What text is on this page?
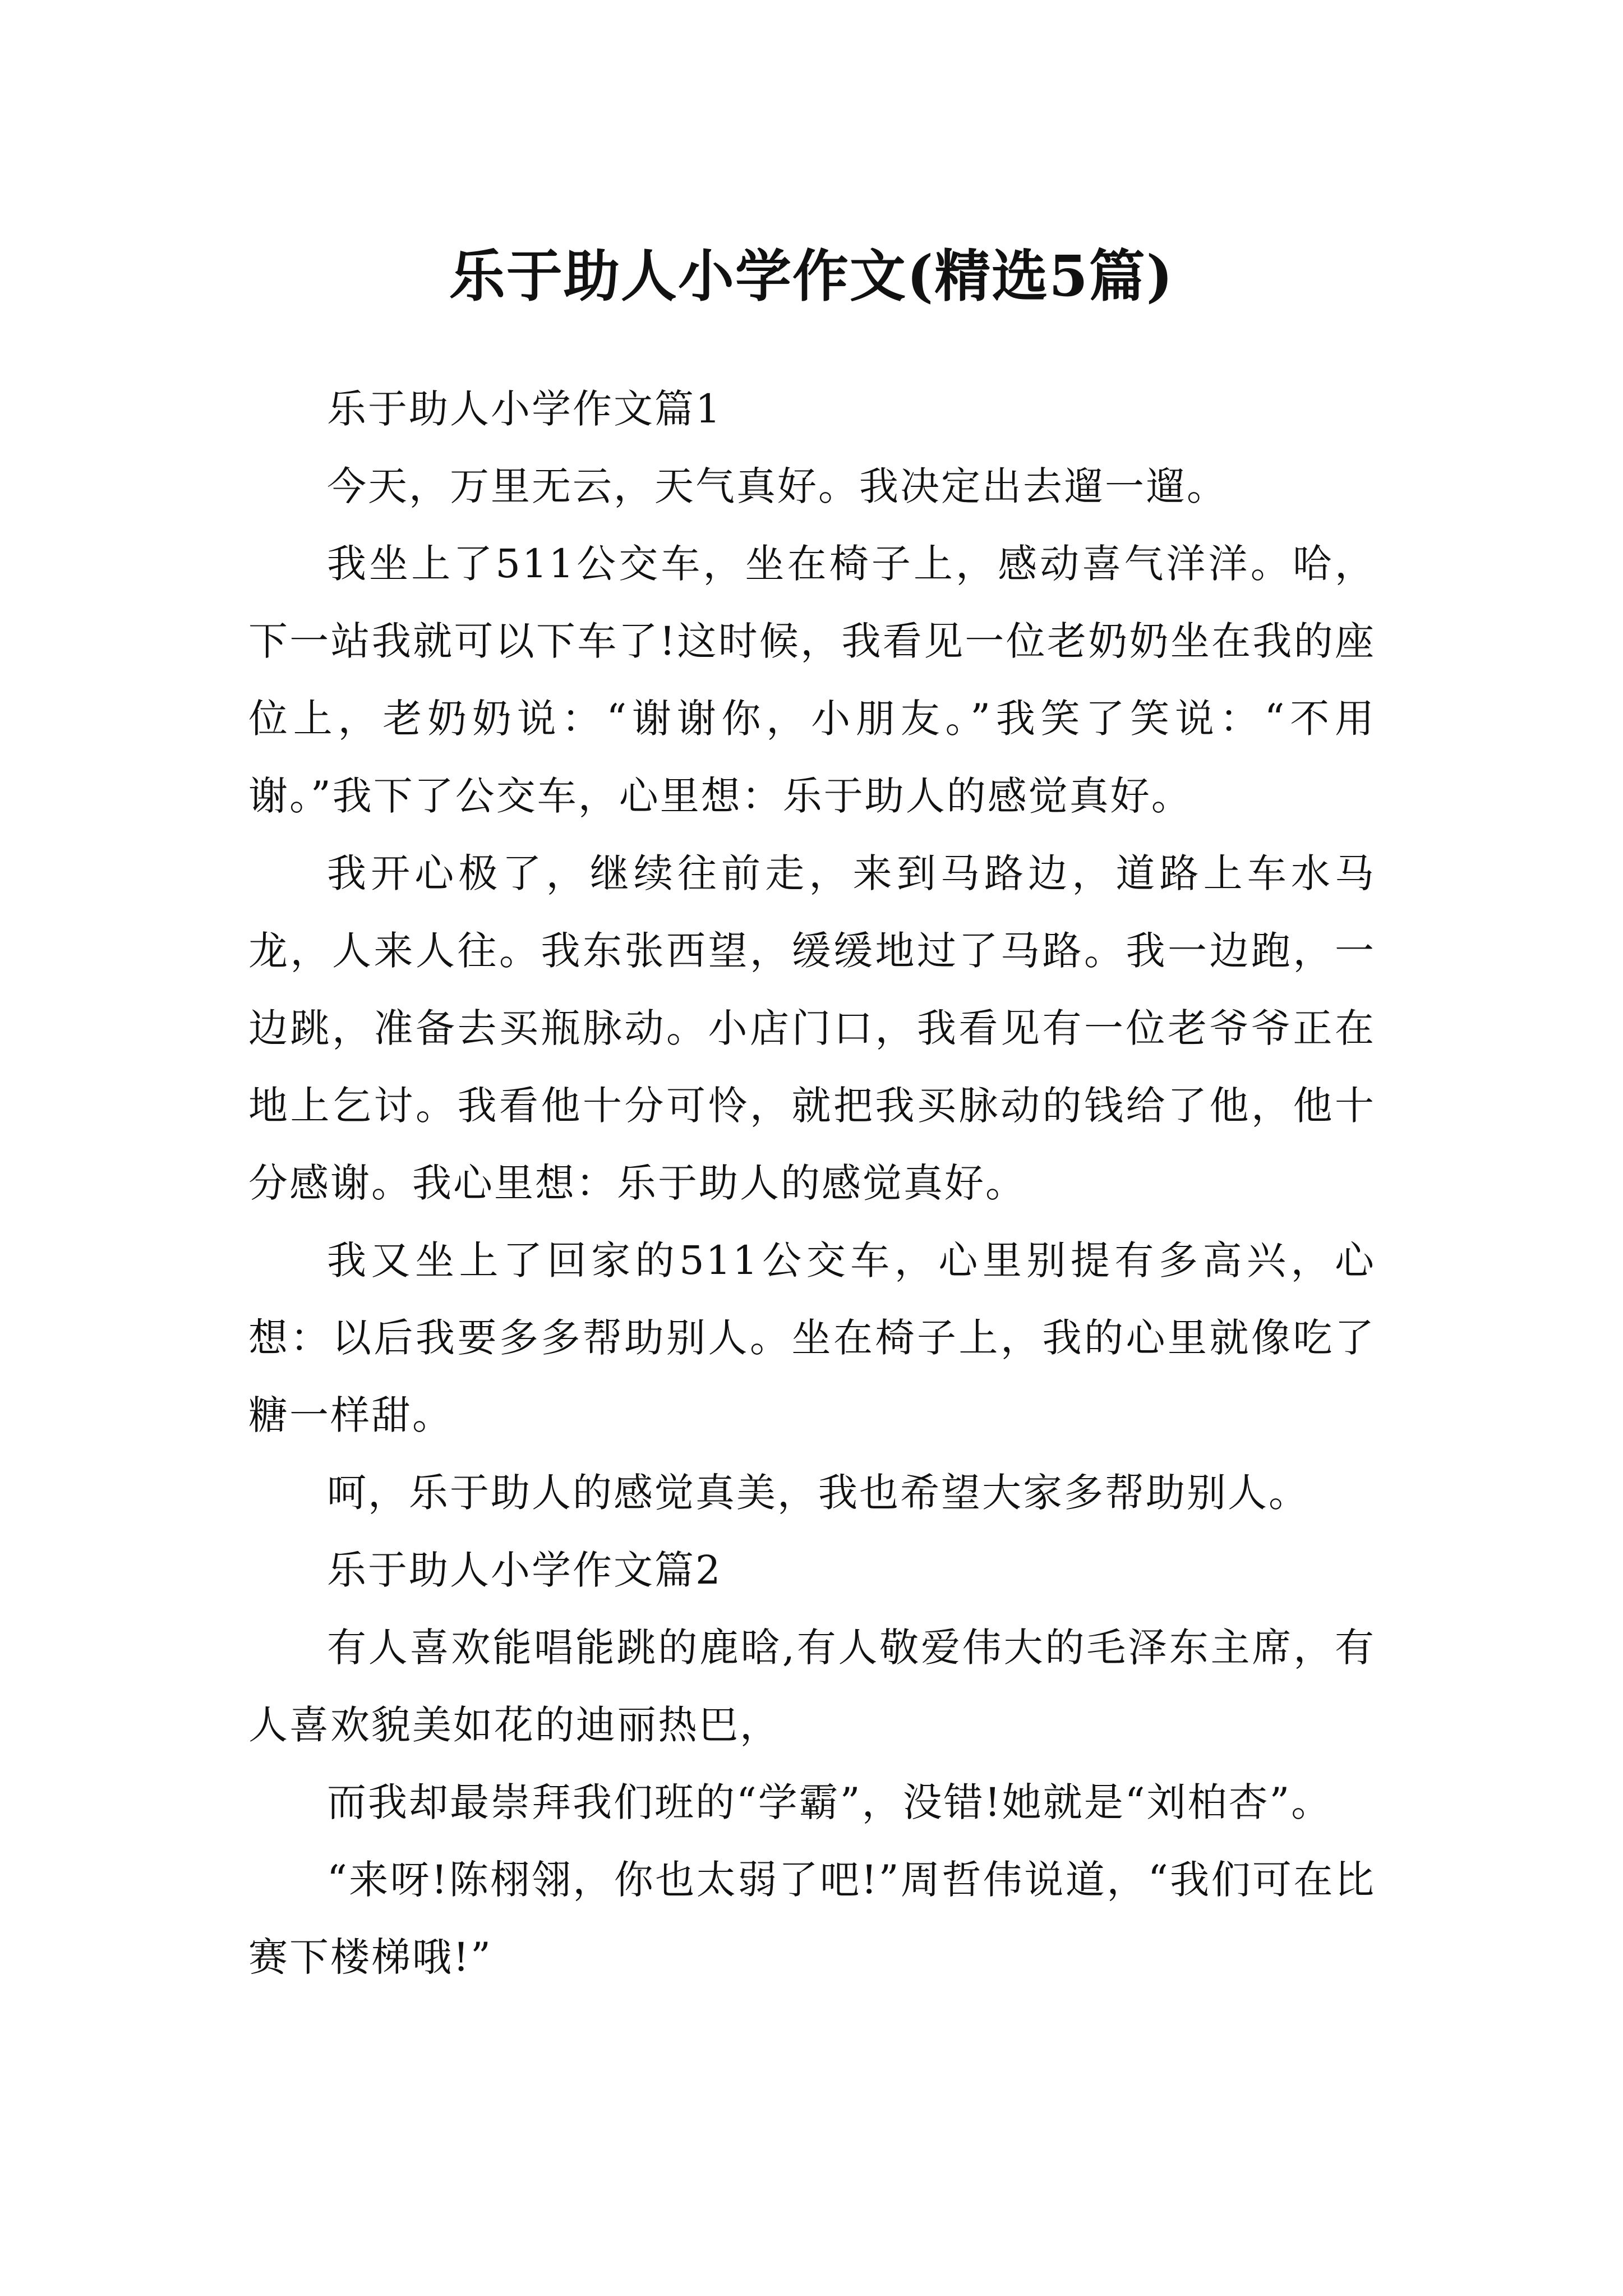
乐于助人小学作文(精选5篇)

乐于助人小学作文篇1

今天，万里无云，天气真好。我决定出去遛一遛。

我坐上了511公交车，坐在椅子上，感动喜气洋洋。哈，下一站我就可以下车了!这时候，我看见一位老奶奶坐在我的座位上，老奶奶说：“谢谢你，小朋友。”我笑了笑说：“不用谢。”我下了公交车，心里想：乐于助人的感觉真好。

我开心极了，继续往前走，来到马路边，道路上车水马龙，人来人往。我东张西望，缓缓地过了马路。我一边跑，一边跳，准备去买瓶脉动。小店门口，我看见有一位老爷爷正在地上乞讨。我看他十分可怜，就把我买脉动的钱给了他，他十分感谢。我心里想：乐于助人的感觉真好。

我又坐上了回家的511公交车，心里别提有多高兴，心想：以后我要多多帮助别人。坐在椅子上，我的心里就像吃了糖一样甜。

呵，乐于助人的感觉真美，我也希望大家多帮助别人。

乐于助人小学作文篇2

有人喜欢能唱能跳的鹿晗,有人敬爱伟大的毛泽东主席，有人喜欢貌美如花的迪丽热巴，

而我却最崇拜我们班的“学霸”，没错!她就是“刘柏杏”。

“来呀!陈栩翎，你也太弱了吧!”周哲伟说道，“我们可在比赛下楼梯哦!”
